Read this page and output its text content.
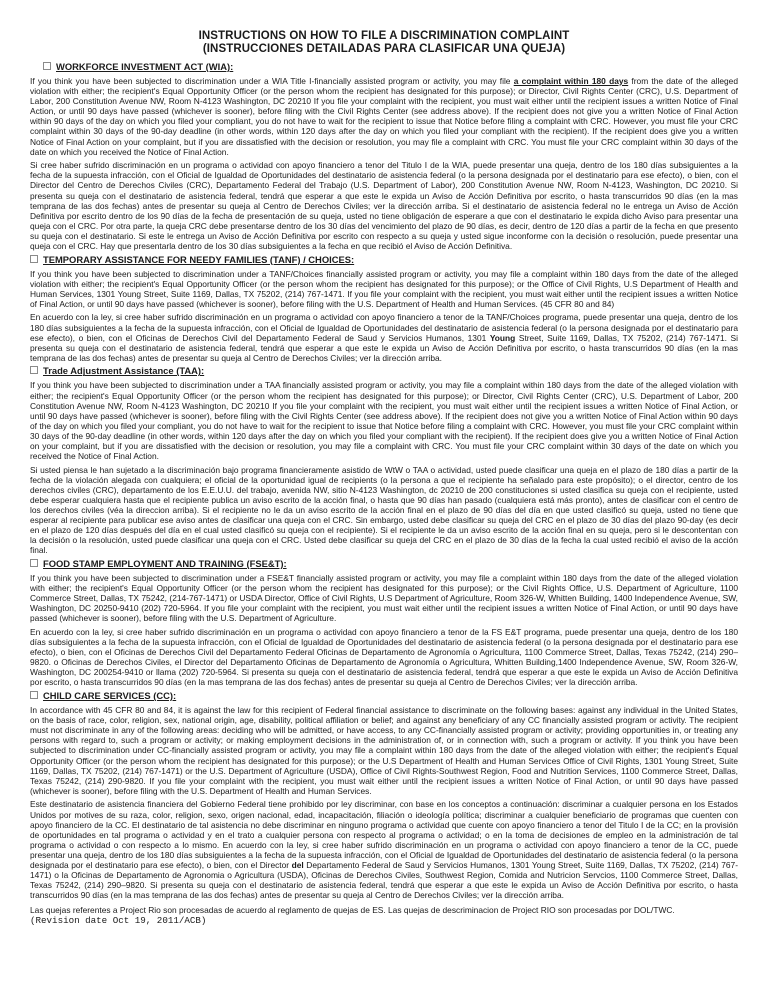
INSTRUCTIONS ON HOW TO FILE A DISCRIMINATION COMPLAINT
(INSTRUCCIONES DETAILADAS PARA CLASIFICAR UNA QUEJA)
WORKFORCE INVESTMENT ACT (WIA):

If you think you have been subjected to discrimination under a WIA Title I-financially assisted program or activity, you may file a complaint within 180 days from the date of the alleged violation with either; the recipient's Equal Opportunity Officer (or the person whom the recipient has designated for this purpose); or Director, Civil Rights Center (CRC), U.S. Department of Labor, 200 Constitution Avenue NW, Room N-4123 Washington, DC 20210 If you file your complaint with the recipient, you must wait either until the recipient issues a written Notice of Final Action, or until 90 days have passed (whichever is sooner), before filing with the Civil Rights Center (see address above). If the recipient does not give you a written Notice of Final Action within 90 days of the day on which you filed your compliant, you do not have to wait for the recipient to issue that Notice before filing a complaint with CRC. However, you must file your CRC complaint within 30 days of the 90-day deadline (in other words, within 120 days after the day on which you filed your compliant with the recipient). If the recipient does give you a written Notice of Final Action on your complaint, but if you are dissatisfied with the decision or resolution, you may file a complaint with CRC. You must file your CRC complaint within 30 days of the date on which you received the Notice of Final Action.

Si cree haber sufrido discriminación en un programa o actividad con apoyo financiero a tenor del Titulo I de la WIA, puede presentar una queja, dentro de los 180 días subsiguientes a la fecha de la supuesta infracción, con el Oficial de Igualdad de Oportunidades del destinatario de asistencia federal (o la persona designada por el destinatario para ese efecto), o bien, con el Director del Centro de Derechos Civiles (CRC), Departamento Federal del Trabajo (U.S. Department of Labor), 200 Constitution Avenue NW, Room N-4123, Washington, DC 20210. Si presenta su queja con el destinatario de asistencia federal, tendrá que esperar a que este le expida un Aviso de Acción Definitiva por escrito, o hasta transcurridos 90 días (en la mas temprana de las dos fechas) antes de presentar su queja al Centro de Derechos Civiles; ver la dirección arriba. Si el destinatario de asistencia federal no le entrega un Aviso de Acción Definitiva por escrito dentro de los 90 días de la fecha de presentación de su queja, usted no tiene obligación de esperare a que con el destinatario le expida dicho Aviso para presentar una queja con el CRC. Por otra parte, la queja CRC debe presentarse dentro de los 30 días del vencimiento del plazo de 90 días, es decir, dentro de 120 días a partir de la fecha en que presento su queja con el destinatario. Si este le entrega un Aviso de Acción Definitiva por escrito con respecto a su queja y usted sigue inconforme con la decisión o resolución, puede presentar una queja con el CRC. Hay que presentarla dentro de los 30 días subsiguientes a la fecha en que recibió el Aviso de Acción Definitiva.

TEMPORARY ASSISTANCE FOR NEEDY FAMILIES (TANF) / CHOICES:

If you think you have been subjected to discrimination under a TANF/Choices financially assisted program or activity, you may file a complaint within 180 days from the date of the alleged violation with either; the recipient's Equal Opportunity Officer (or the person whom the recipient has designated for this purpose); or the Office of Civil Rights, U.S Department of Health and Human Services, 1301 Young Street, Suite 1169, Dallas, TX 75202, (214) 767-1471. If you file your complaint with the recipient, you must wait either until the recipient issues a written Notice of Final Action, or until 90 days have passed (whichever is sooner), before filing with the U.S. Department of Health and Human Services. (45 CFR 80 and 84)

En acuerdo con la ley, si cree haber sufrido discriminación en un programa o actividad con apoyo financiero a tenor de la TANF/Choices programa, puede presentar una queja, dentro de los 180 días subsiguientes a la fecha de la supuesta infracción, con el Oficial de Igualdad de Oportunidades del destinatario de asistencia federal (o la persona designada por el destinatario para ese efecto), o bien, con el Oficinas de Derechos Civil del Departamento Federal de Saud y Servicios Humanos, 1301 Young Street, Suite 1169, Dallas, TX 75202, (214) 767-1471. Si presenta su queja con el destinatario de asistencia federal, tendrá que esperar a que este le expida un Aviso de Acción Definitiva por escrito, o hasta transcurridos 90 días (en la mas temprana de las dos fechas) antes de presentar su queja al Centro de Derechos Civiles; ver la dirección arriba.

Trade Adjustment Assistance (TAA):

If you think you have been subjected to discrimination under a TAA financially assisted program or activity, you may file a complaint within 180 days from the date of the alleged violation with either; the recipient's Equal Opportunity Officer (or the person whom the recipient has designated for this purpose); or Director, Civil Rights Center (CRC), U.S. Department of Labor, 200 Constitution Avenue NW, Room N-4123 Washington, DC 20210 If you file your complaint with the recipient, you must wait either until the recipient issues a written Notice of Final Action, or until 90 days have passed (whichever is sooner), before filing with the Civil Rights Center (see address above). If the recipient does not give you a written Notice of Final Action within 90 days of the day on which you filed your compliant, you do not have to wait for the recipient to issue that Notice before filing a complaint with CRC. However, you must file your CRC complaint within 30 days of the 90-day deadline (in other words, within 120 days after the day on which you filed your compliant with the recipient). If the recipient does give you a written Notice of Final Action on your complaint, but if you are dissatisfied with the decision or resolution, you may file a complaint with CRC. You must file your CRC complaint within 30 days of the date on which you received the Notice of Final Action.

Si usted piensa le han sujetado a la discriminación bajo programa financieramente asistido de WtW o TAA o actividad, usted puede clasificar una queja en el plazo de 180 días a partir de la fecha de la violación alegada con cualquiera; el oficial de la oportunidad igual de recipients (o la persona a que el recipiente ha señalado para este propósito); o el director, centro de los derechos civiles (CRC), departamento de los E.E.U.U. del trabajo, avenida NW, sitio N-4123 Washington, dc 20210 de 200 constituciones si usted clasifica su queja con el recipiente, usted debe esperar cualquiera hasta que el recipiente publica un aviso escrito de la acción final, o hasta que 90 días han pasado (cualquiera está más pronto), antes de clasificar con el centro de los derechos civiles (véa la direccion arriba). Si el recipiente no le da un aviso escrito de la acción final en el plazo de 90 días del día en que usted clasificó su queja, usted no tiene que esperar al recipiente para publicar ese aviso antes de clasificar una queja con el CRC. Sin embargo, usted debe clasificar su queja del CRC en el plazo de 30 días del plazo 90-day (es decir en el plazo de 120 días después del día en el cual usted clasificó su queja con el recipiente). Si el recipiente le da un aviso escrito de la acción final en su queja, pero si le descontentan con la decisión o la resolución, usted puede clasificar una queja con el CRC. Usted debe clasificar su queja del CRC en el plazo de 30 días de la fecha la cual usted recibió el aviso de la acción final.

FOOD STAMP EMPLOYMENT AND TRAINING (FSE&T):

If you think you have been subjected to discrimination under a FSE&T financially assisted program or activity, you may file a complaint within 180 days from the date of the alleged violation with either; the recipient's Equal Opportunity Officer (or the person whom the recipient has designated for this purpose); or the Civil Rights Office, U.S. Department of Agriculture, 1100 Commerce Street, Dallas, TX 75242, (214-767-1471) or USDA Director, Office of Civil Rights, U.S Department of Agriculture, Room 326-W, Whitten Building, 1400 Independence Avenue, SW, Washington, DC 20250-9410 (202) 720-5964. If you file your complaint with the recipient, you must wait either until the recipient issues a written Notice of Final Action, or until 90 days have passed (whichever is sooner), before filing with the U.S. Department of Agriculture.

En acuerdo con la ley, si cree haber sufrido discriminación en un programa o actividad con apoyo financiero a tenor de la FS E&T programa, puede presentar una queja, dentro de los 180 días subsiguientes a la fecha de la supuesta infracción, con el Oficial de Igualdad de Oportunidades del destinatario de asistencia federal (o la persona designada por el destinatario para ese efecto), o bien, con el Oficinas de Derechos Civil del Departamento Federal Oficinas de Departamento de Agronomía o Agricultura, 1100 Commerce Street, Dallas, Texas 75242, (214) 290–9820. o Oficinas de Derechos Civiles, el Director del Departamento Oficinas de Departamento de Agronomía o Agricultura, Whitten Building,1400 Independence Avenue, SW, Room 326-W, Washington, DC 200254-9410 or llama (202) 720-5964. Si presenta su queja con el destinatario de asistencia federal, tendrá que esperar a que este le expida un Aviso de Acción Definitiva por escrito, o hasta transcurridos 90 días (en la mas temprana de las dos fechas) antes de presentar su queja al Centro de Derechos Civiles; ver la dirección arriba.

CHILD CARE SERVICES (CC):

In accordance with 45 CFR 80 and 84, it is against the law for this recipient of Federal financial assistance to discriminate on the following bases: against any individual in the United States, on the basis of race, color, religion, sex, national origin, age, disability, political affiliation or belief; and against any beneficiary of any CC financially assisted program or activity. The recipient must not discriminate in any of the following areas: deciding who will be admitted, or have access, to any CC-financially assisted program or activity; providing opportunities in, or treating any persons with regard to, such a program or activity; or making employment decisions in the administration of, or in connection with, such a program or activity. If you think you have been subjected to discrimination under CC-financially assisted program or activity, you may file a complaint within 180 days from the date of the alleged violation with either; the recipient's Equal Opportunity Officer (or the person whom the recipient has designated for this purpose); or the U.S Department of Health and Human Services Office of Civil Rights, 1301 Young Street, Suite 1169, Dallas, TX 75202, (214) 767-1471) or the U.S. Department of Agriculture (USDA), Office of Civil Rights-Southwest Region, Food and Nutrition Services, 1100 Commerce Street, Dallas, Texas 75242, (214) 290-9820. If you file your complaint with the recipient, you must wait either until the recipient issues a written Notice of Final Action, or until 90 days have passed (whichever is sooner), before filing with the U.S. Department of Health and Human Services.

Este destinatario de asistencia financiera del Gobierno Federal tiene prohibido por ley discriminar, con base en los conceptos a continuación: discriminar a cualquier persona en los Estados Unidos por motives de su raza, color, religion, sexo, origen nacional, edad, incapacitación, filiación o ideología política; discriminar a cualquier beneficiario de programas que cuenten con apoyo financiero de la CC. El destinatario de tal asistencia no debe discriminar en ninguno programa o actividad que cuente con apoyo financiero a tenor del Titulo I de la CC; en la provisión de oportunidades en tal programa o actividad y en el trato a cualquier persona con respecto al programa o actividad; o en la toma de decisiones de empleo en la administración de tal programa o actividad o con respecto a lo mismo. En acuerdo con la ley, si cree haber sufrido discriminación en un programa o actividad con apoyo financiero a tenor de la CC, puede presentar una queja, dentro de los 180 días subsiguientes a la fecha de la supuesta infracción, con el Oficial de Igualdad de Oportunidades del destinatario de asistencia federal (o la persona designada por el destinatario para ese efecto), o bien, con el Director del Departamento Federal de Saud y Servicios Humanos, 1301 Young Street, Suite 1169, Dallas, TX 75202, (214) 767-1471) o la Oficinas de Departamento de Agronomia o Agricultura (USDA), Oficinas de Derechos Civiles, Southwest Region, Comida and Nutricion Servcios, 1100 Commerce Street, Dallas, Texas 75242, (214) 290–9820. Si presenta su queja con el destinatario de asistencia federal, tendrá que esperar a que este le expida un Aviso de Acción Definitiva por escrito, o hasta transcurridos 90 días (en la mas temprana de las dos fechas) antes de presentar su queja al Centro de Derechos Civiles; ver la dirección arriba.

Las quejas referentes a Project Rio son procesadas de acuerdo al reglamento de quejas de ES. Las quejas de descriminacion de Project RIO son procesadas por DOL/TWC.
(Revision date Oct 19, 2011/ACB)
